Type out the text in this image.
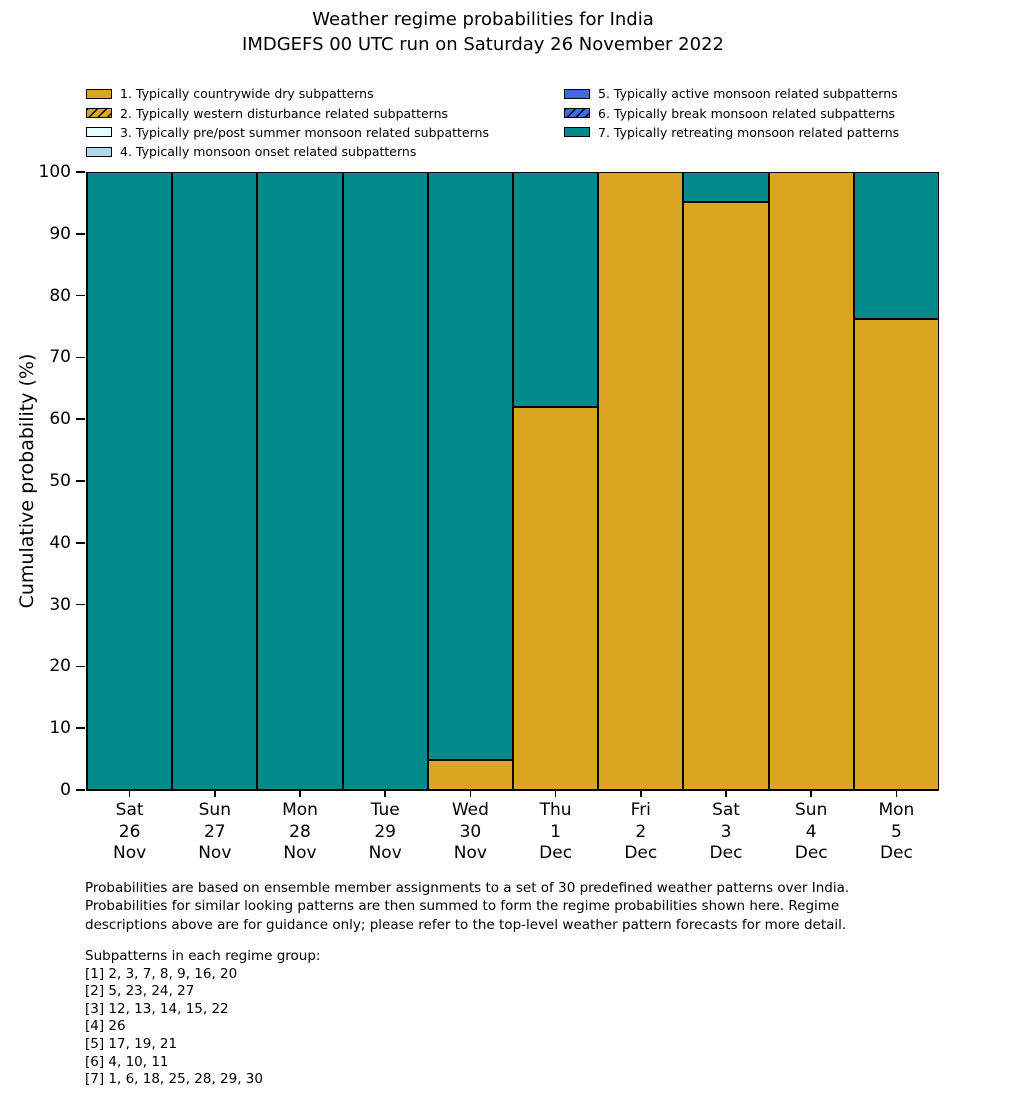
Weather regime probabilities for India
IMDGEFS 00 UTC run on Saturday 26 November 2022
1. Typically countrywide dry subpatterns
2. Typically western disturbance related subpatterns
3. Typically pre/post summer monsoon related subpatterns
4. Typically monsoon onset related subpatterns
5. Typically active monsoon related subpatterns
6. Typically break monsoon related subpatterns
7. Typically retreating monsoon related patterns
Cumulative probability (%)
0
10
20
30
40
50
60
70
80
90
100
Sat
26
Nov
Sun
27
Nov
Mon
28
Nov
Tue
29
Nov
Wed
30
Nov
Thu
1
Dec
Fri
2
Dec
Sat
3
Dec
Sun
4
Dec
Mon
5
Dec
Probabilities are based on ensemble member assignments to a set of 30 predefined weather patterns over India.
Probabilities for similar looking patterns are then summed to form the regime probabilities shown here. Regime
descriptions above are for guidance only; please refer to the top-level weather pattern forecasts for more detail.
Subpatterns in each regime group:
[1] 2, 3, 7, 8, 9, 16, 20
[2] 5, 23, 24, 27
[3] 12, 13, 14, 15, 22
[4] 26
[5] 17, 19, 21
[6] 4, 10, 11
[7] 1, 6, 18, 25, 28, 29, 30
